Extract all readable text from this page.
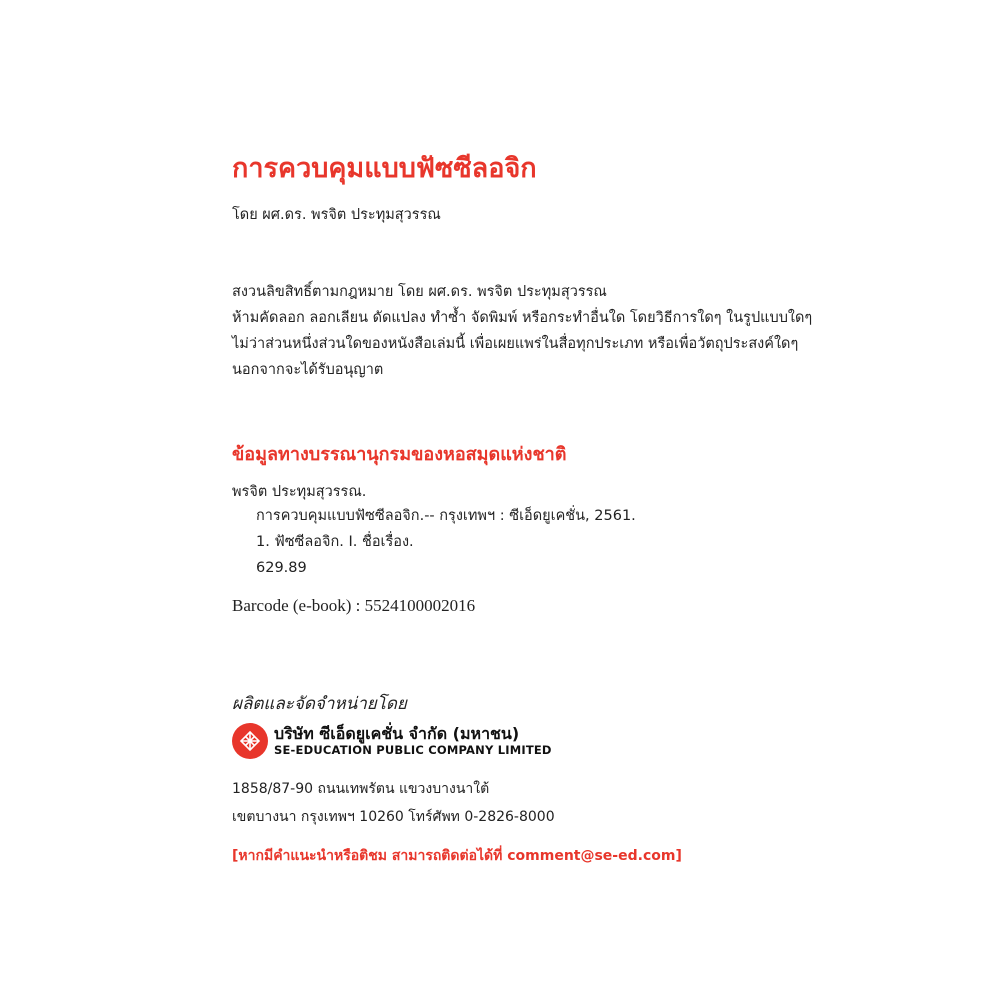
การควบคุมแบบฟัซซีลอจิก
โดย ผศ.ดร. พรจิต ประทุมสุวรรณ
สงวนลิขสิทธิ์ตามกฎหมาย โดย ผศ.ดร. พรจิต ประทุมสุวรรณ
ห้ามคัดลอก ลอกเลียน ดัดแปลง ทำซ้ำ จัดพิมพ์ หรือกระทำอื่นใด โดยวิธีการใดๆ ในรูปแบบใดๆ
ไม่ว่าส่วนหนึ่งส่วนใดของหนังสือเล่มนี้ เพื่อเผยแพร่ในสื่อทุกประเภท หรือเพื่อวัตถุประสงค์ใดๆ
นอกจากจะได้รับอนุญาต
ข้อมูลทางบรรณานุกรมของหอสมุดแห่งชาติ
พรจิต ประทุมสุวรรณ.
การควบคุมแบบฟัซซีลอจิก.-- กรุงเทพฯ : ซีเอ็ดยูเคชั่น, 2561.
1. ฟัซซีลอจิก. I. ชื่อเรื่อง.
629.89
Barcode (e-book) : 5524100002016
ผลิตและจัดจำหน่ายโดย
บริษัท ซีเอ็ดยูเคชั่น จำกัด (มหาชน)
SE-EDUCATION PUBLIC COMPANY LIMITED
1858/87-90 ถนนเทพรัตน แขวงบางนาใต้
เขตบางนา กรุงเทพฯ 10260 โทร์ศัพท 0-2826-8000
[หากมีคำแนะนำหรือติชม สามารถติดต่อได้ที่ comment@se-ed.com]
